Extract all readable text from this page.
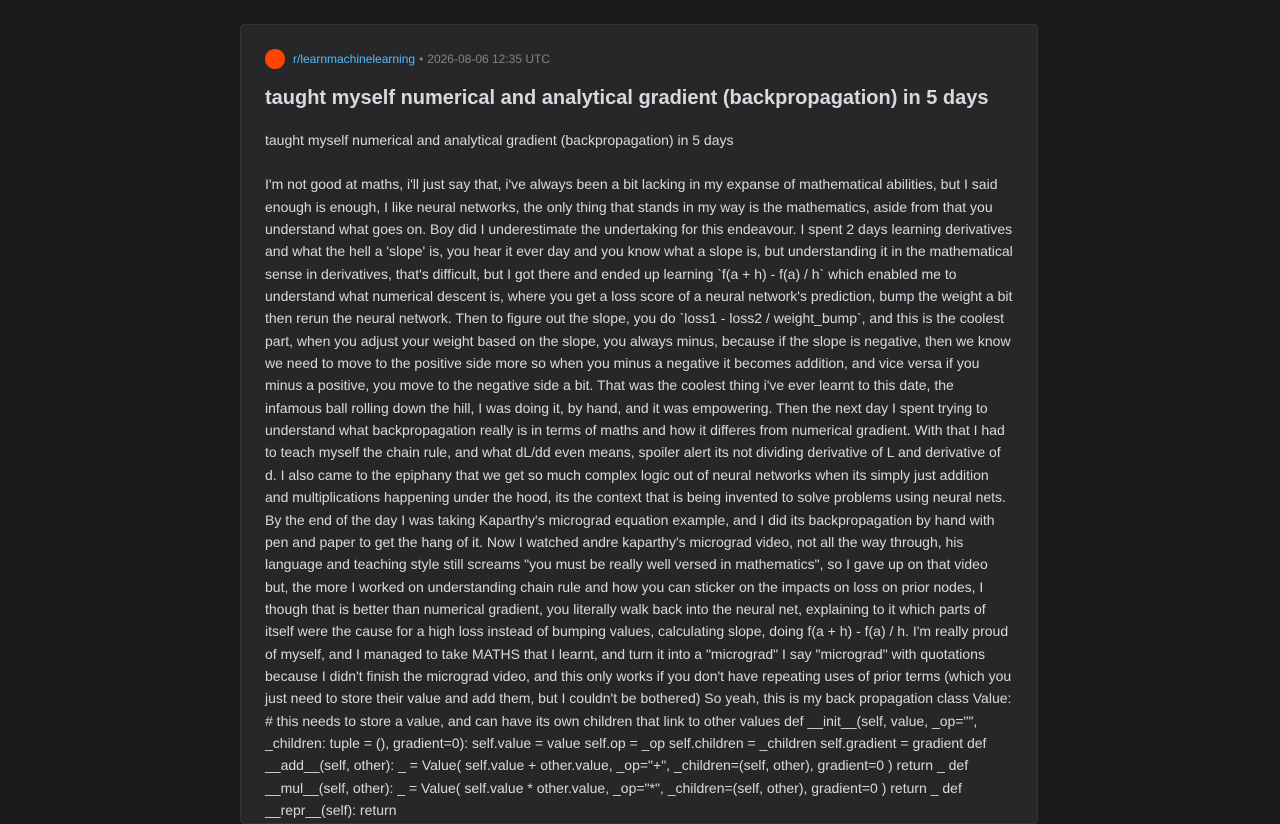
r/learnmachinelearning • 2026-08-06 12:35 UTC
taught myself numerical and analytical gradient (backpropagation) in 5 days

taught myself numerical and analytical gradient (backpropagation) in 5 days

I'm not good at maths, i'll just say that, i've always been a bit lacking in my expanse of mathematical abilities, but I said enough is enough, I like neural networks, the only thing that stands in my way is the mathematics, aside from that you understand what goes on. Boy did I underestimate the undertaking for this endeavour. I spent 2 days learning derivatives and what the hell a 'slope' is, you hear it ever day and you know what a slope is, but understanding it in the mathematical sense in derivatives, that's difficult, but I got there and ended up learning `f(a + h) - f(a) / h` which enabled me to understand what numerical descent is, where you get a loss score of a neural network's prediction, bump the weight a bit then rerun the neural network. Then to figure out the slope, you do `loss1 - loss2 / weight_bump`, and this is the coolest part, when you adjust your weight based on the slope, you always minus, because if the slope is negative, then we know we need to move to the positive side more so when you minus a negative it becomes addition, and vice versa if you minus a positive, you move to the negative side a bit. That was the coolest thing i've ever learnt to this date, the infamous ball rolling down the hill, I was doing it, by hand, and it was empowering. Then the next day I spent trying to understand what backpropagation really is in terms of maths and how it differes from numerical gradient. With that I had to teach myself the chain rule, and what dL/dd even means, spoiler alert its not dividing derivative of L and derivative of d. I also came to the epiphany that we get so much complex logic out of neural networks when its simply just addition and multiplications happening under the hood, its the context that is being invented to solve problems using neural nets. By the end of the day I was taking Kaparthy's micrograd equation example, and I did its backpropagation by hand with pen and paper to get the hang of it. Now I watched andre kaparthy's micrograd video, not all the way through, his language and teaching style still screams "you must be really well versed in mathematics", so I gave up on that video but, the more I worked on understanding chain rule and how you can sticker on the impacts on loss on prior nodes, I though that is better than numerical gradient, you literally walk back into the neural net, explaining to it which parts of itself were the cause for a high loss instead of bumping values, calculating slope, doing f(a + h) - f(a) / h. I'm really proud of myself, and I managed to take MATHS that I learnt, and turn it into a "micrograd" I say "micrograd" with quotations because I didn't finish the micrograd video, and this only works if you don't have repeating uses of prior terms (which you just need to store their value and add them, but I couldn't be bothered) So yeah, this is my back propagation class Value: # this needs to store a value, and can have its own children that link to other values def __init__(self, value, _op="", _children: tuple = (), gradient=0): self.value = value self.op = _op self.children = _children self.gradient = gradient def __add__(self, other): _ = Value( self.value + other.value, _op="+", _children=(self, other), gradient=0 ) return _ def __mul__(self, other): _ = Value( self.value * other.value, _op="*", _children=(self, other), gradient=0 ) return _ def __repr__(self): return
